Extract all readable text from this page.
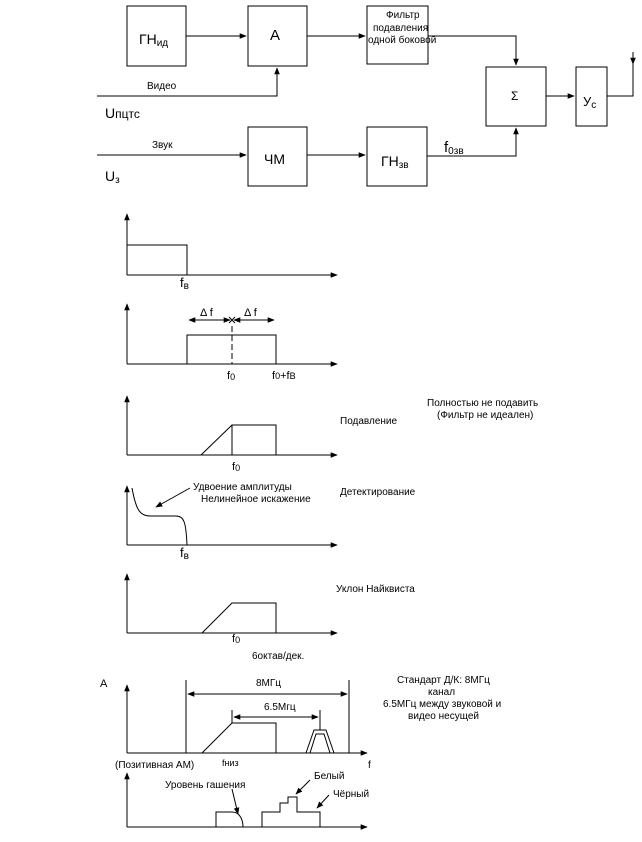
ГНид	A
Фильтр подавления одной боковой
Σ	Ус
ЧМ	ГНзв
Видео
Uпцтс
Звук
Uз
f0зв
fв
Δ f	Δ f
f0	f0+fВ
f0
Подавление
Полностью не подавить (Фильтр не идеален)
Удвоение амплитуды Нелинейное искажение
Детектирование
fв
Уклон Найквиста
f0
6октав/дек.
A	8МГц
6.5Мгц
fниз	f
(Позитивная АМ)
Стандарт Д/К: 8МГц канал 6.5МГц между звуковой и видео несущей
Уровень гашения
Белый
Чёрный
